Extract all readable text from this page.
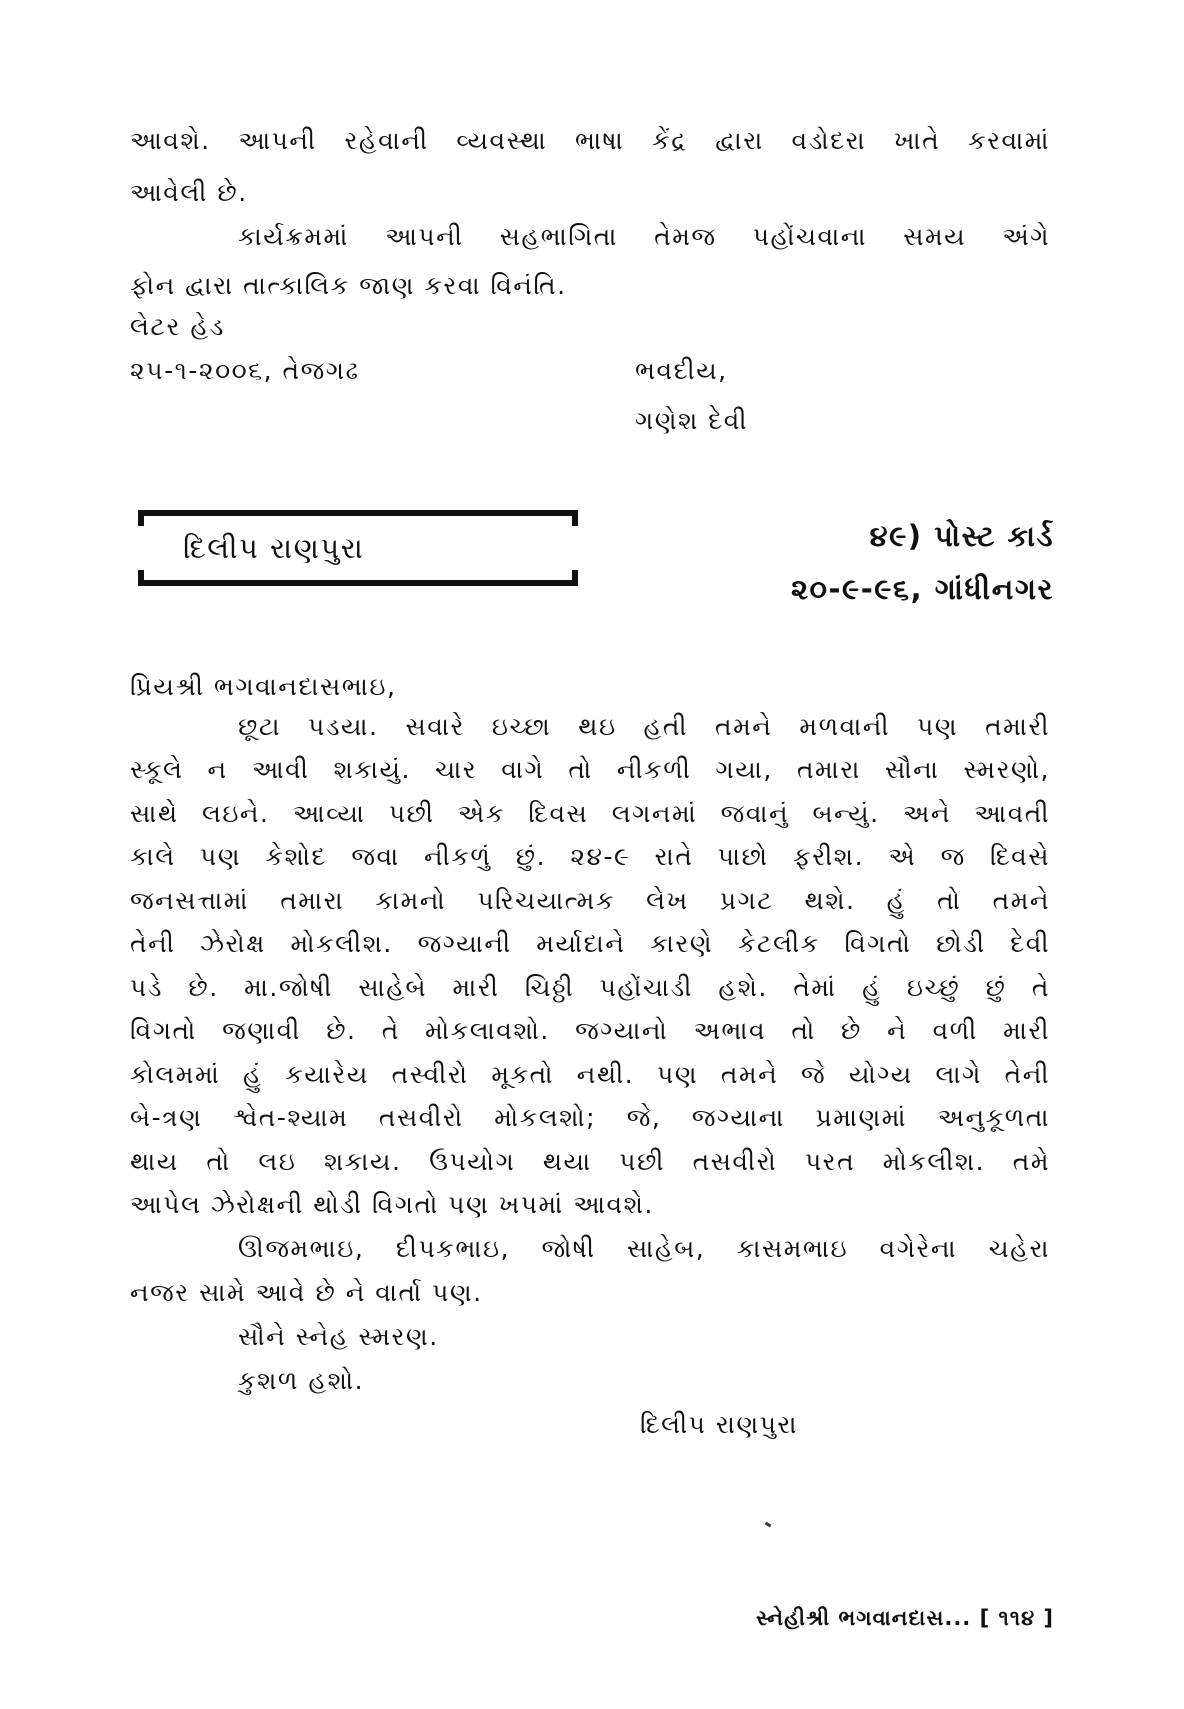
આવશે. આપની રહેવાની વ્યવસ્થા ભાષા કેંદ્ર દ્વારા વડોદરા ખાતે કરવામાં
આવેલી છે.
કાર્યક્રમમાં આપની સહભાગિતા તેમજ પહોંચવાના સમય અંગે
ફોન દ્વારા તાત્કાલિક જાણ કરવા વિનંતિ.
લેટર હેડ
૨૫-૧-૨૦૦૬, તેજગઢ	ભવદીય,
ગણેશ દેવી
દિલીપ રાણપુરા	૪૯) પોસ્ટ કાર્ડ
૨૦-૯-૯૬, ગાંધીનગર
પ્રિયશ્રી ભગવાનદાસભાઇ,
છૂટા પડયા. સવારે ઇચ્છા થઇ હતી તમને મળવાની પણ તમારી
સ્કૂલે ન આવી શકાયું. ચાર વાગે તો નીકળી ગયા, તમારા સૌના સ્મરણો,
સાથે લઇને. આવ્યા પછી એક દિવસ લગનમાં જવાનું બન્યું. અને આવતી
કાલે પણ કેશોદ જવા નીકળું છું. ૨૪-૯ રાતે પાછો ફરીશ. એ જ દિવસે
જનસત્તામાં તમારા કામનો પરિચયાત્મક લેખ પ્રગટ થશે. હું તો તમને
તેની ઝેરોક્ષ મોકલીશ. જગ્યાની મર્યાદાને કારણે કેટલીક વિગતો છોડી દેવી
પડે છે. મા.જોષી સાહેબે મારી ચિઠ્ઠી પહોંચાડી હશે. તેમાં હું ઇચ્છું છું તે
વિગતો જણાવી છે. તે મોકલાવશો. જગ્યાનો અભાવ તો છે ને વળી મારી
કોલમમાં હું કયારેય તસ્વીરો મૂકતો નથી. પણ તમને જે યોગ્ય લાગે તેની
બે-ત્રણ શ્વેત-શ્યામ તસવીરો મોકલશો; જે, જગ્યાના પ્રમાણમાં અનુકૂળતા
થાય તો લઇ શકાય. ઉપયોગ થયા પછી તસવીરો પરત મોકલીશ. તમે
આપેલ ઝેરોક્ષની થોડી વિગતો પણ ખપમાં આવશે.
ઊજમભાઇ, દીપકભાઇ, જોષી સાહેબ, કાસમભાઇ વગેરેના ચહેરા
નજર સામે આવે છે ને વાર્તા પણ.
સૌને સ્નેહ સ્મરણ.
કુશળ હશો.
દિલીપ રાણપુરા
સ્નેહીશ્રી ભગવાનદાસ... [ ૧૧૪ ]
